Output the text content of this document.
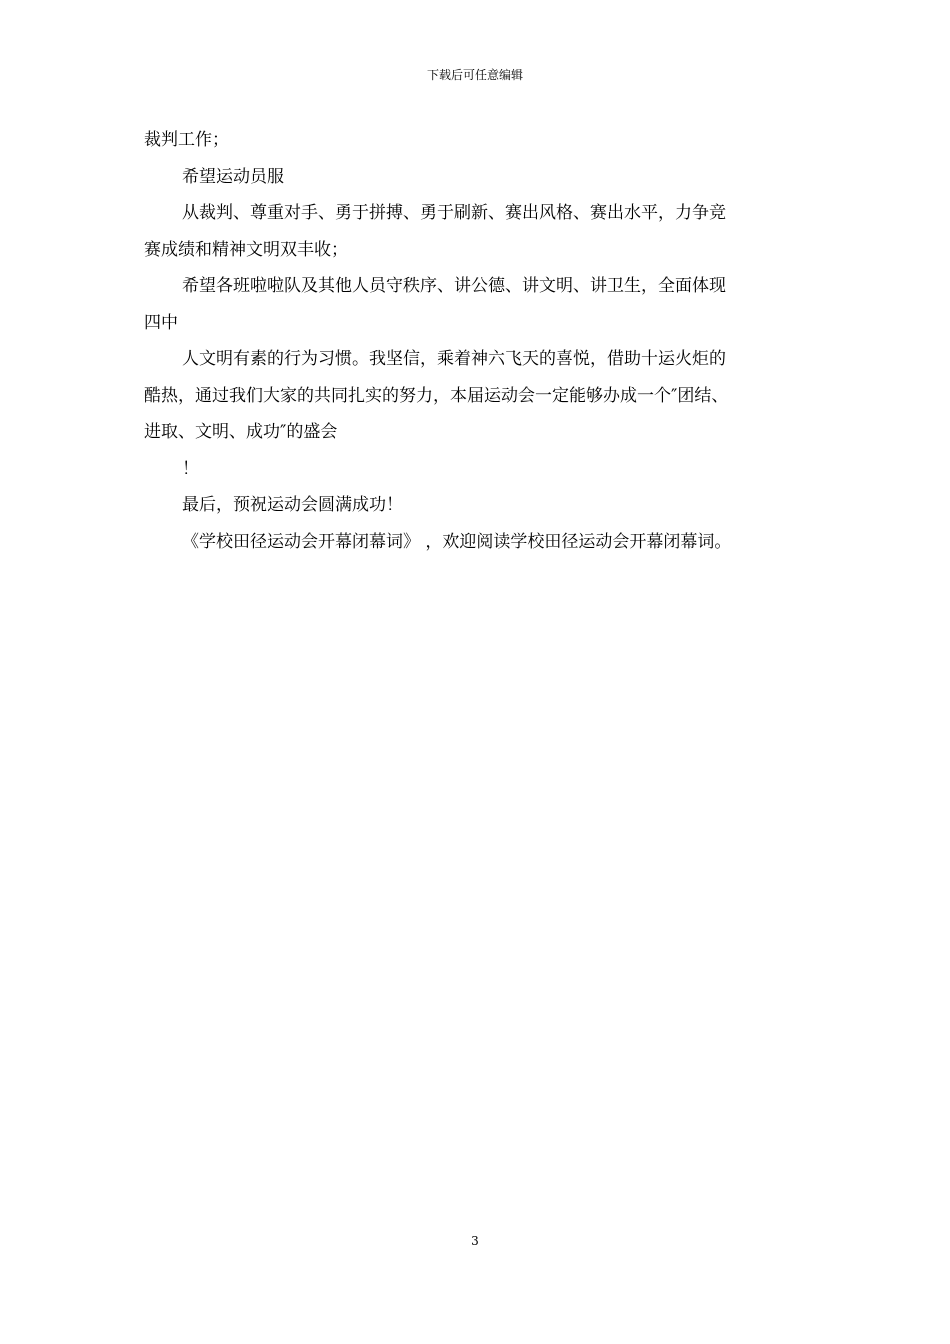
下载后可任意编辑

裁判工作；

希望运动员服

从裁判、尊重对手、勇于拼搏、勇于刷新、赛出风格、赛出水平，力争竞

赛成绩和精神文明双丰收；

希望各班啦啦队及其他人员守秩序、讲公德、讲文明、讲卫生，全面体现

四中

人文明有素的行为习惯。我坚信，乘着神六飞天的喜悦，借助十运火炬的

酷热，通过我们大家的共同扎实的努力，本届运动会一定能够办成一个″团结、

进取、文明、成功″的盛会

！

最后，预祝运动会圆满成功！

《学校田径运动会开幕闭幕词》 ，欢迎阅读学校田径运动会开幕闭幕词。

3
